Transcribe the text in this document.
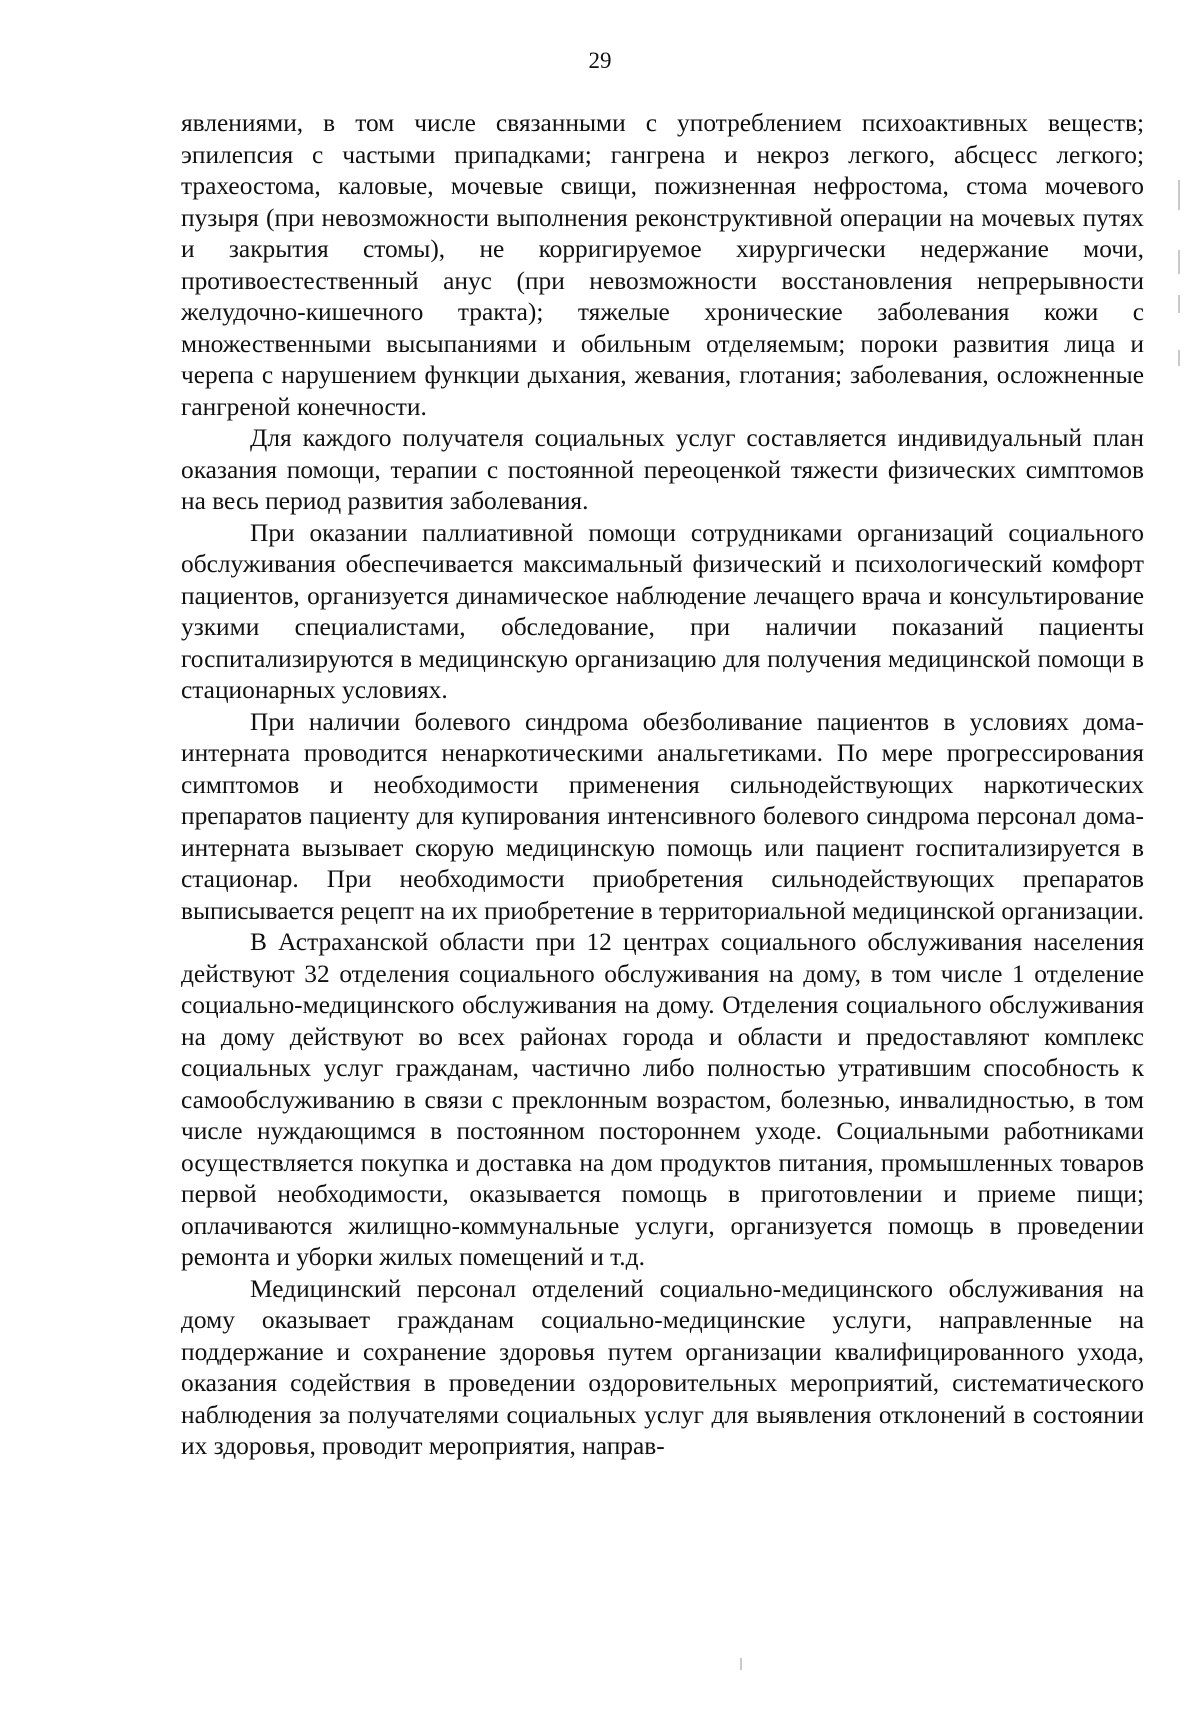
29

явлениями, в том числе связанными с употреблением психоактивных веществ; эпилепсия с частыми припадками; гангрена и некроз легкого, абсцесс легкого; трахеостома, каловые, мочевые свищи, пожизненная нефростома, стома мочевого пузыря (при невозможности выполнения реконструктивной операции на мочевых путях и закрытия стомы), не корригируемое хирургически недержание мочи, противоестественный анус (при невозможности восстановления непрерывности желудочно-кишечного тракта); тяжелые хронические заболевания кожи с множественными высыпаниями и обильным отделяемым; пороки развития лица и черепа с нарушением функции дыхания, жевания, глотания; заболевания, осложненные гангреной конечности.

Для каждого получателя социальных услуг составляется индивидуальный план оказания помощи, терапии с постоянной переоценкой тяжести физических симптомов на весь период развития заболевания.

При оказании паллиативной помощи сотрудниками организаций социального обслуживания обеспечивается максимальный физический и психологический комфорт пациентов, организуется динамическое наблюдение лечащего врача и консультирование узкими специалистами, обследование, при наличии показаний пациенты госпитализируются в медицинскую организацию для получения медицинской помощи в стационарных условиях.

При наличии болевого синдрома обезболивание пациентов в условиях дома-интерната проводится ненаркотическими анальгетиками. По мере прогрессирования симптомов и необходимости применения сильнодействующих наркотических препаратов пациенту для купирования интенсивного болевого синдрома персонал дома-интерната вызывает скорую медицинскую помощь или пациент госпитализируется в стационар. При необходимости приобретения сильнодействующих препаратов выписывается рецепт на их приобретение в территориальной медицинской организации.

В Астраханской области при 12 центрах социального обслуживания населения действуют 32 отделения социального обслуживания на дому, в том числе 1 отделение социально-медицинского обслуживания на дому. Отделения социального обслуживания на дому действуют во всех районах города и области и предоставляют комплекс социальных услуг гражданам, частично либо полностью утратившим способность к самообслуживанию в связи с преклонным возрастом, болезнью, инвалидностью, в том числе нуждающимся в постоянном постороннем уходе. Социальными работниками осуществляется покупка и доставка на дом продуктов питания, промышленных товаров первой необходимости, оказывается помощь в приготовлении и приеме пищи; оплачиваются жилищно-коммунальные услуги, организуется помощь в проведении ремонта и уборки жилых помещений и т.д.

Медицинский персонал отделений социально-медицинского обслуживания на дому оказывает гражданам социально-медицинские услуги, направленные на поддержание и сохранение здоровья путем организации квалифицированного ухода, оказания содействия в проведении оздоровительных мероприятий, систематического наблюдения за получателями социальных услуг для выявления отклонений в состоянии их здоровья, проводит мероприятия, направ-
